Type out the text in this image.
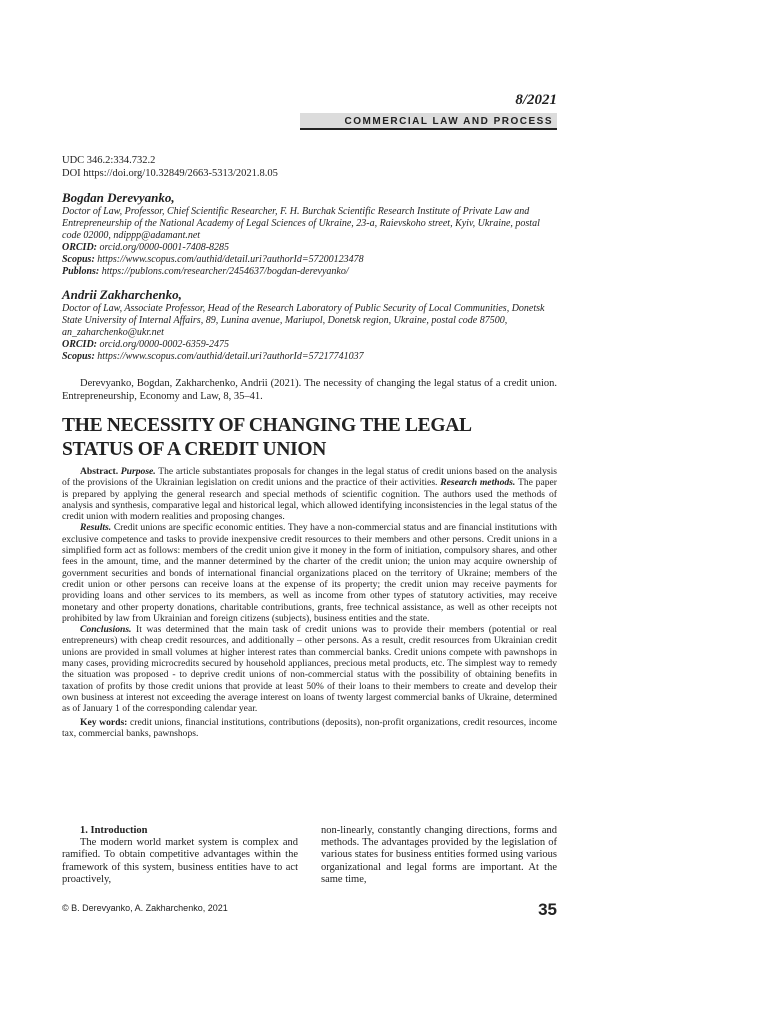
8/2021
COMMERCIAL LAW AND PROCESS
UDC 346.2:334.732.2
DOI https://doi.org/10.32849/2663-5313/2021.8.05
Bogdan Derevyanko,
Doctor of Law, Professor, Chief Scientific Researcher, F. H. Burchak Scientific Research Institute of Private Law and Entrepreneurship of the National Academy of Legal Sciences of Ukraine, 23-a, Raievskoho street, Kyiv, Ukraine, postal code 02000, ndippp@adamant.net
ORCID: orcid.org/0000-0001-7408-8285
Scopus: https://www.scopus.com/authid/detail.uri?authorId=57200123478
Publons: https://publons.com/researcher/2454637/bogdan-derevyanko/
Andrii Zakharchenko,
Doctor of Law, Associate Professor, Head of the Research Laboratory of Public Security of Local Communities, Donetsk State University of Internal Affairs, 89, Lunina avenue, Mariupol, Donetsk region, Ukraine, postal code 87500, an_zaharchenko@ukr.net
ORCID: orcid.org/0000-0002-6359-2475
Scopus: https://www.scopus.com/authid/detail.uri?authorId=57217741037
Derevyanko, Bogdan, Zakharchenko, Andrii (2021). The necessity of changing the legal status of a credit union. Entrepreneurship, Economy and Law, 8, 35–41.
THE NECESSITY OF CHANGING THE LEGAL
STATUS OF A CREDIT UNION

Abstract. Purpose. The article substantiates proposals for changes in the legal status of credit unions based on the analysis of the provisions of the Ukrainian legislation on credit unions and the practice of their activities. Research methods. The paper is prepared by applying the general research and special methods of scientific cognition. The authors used the methods of analysis and synthesis, comparative legal and historical legal, which allowed identifying inconsistencies in the legal status of the credit union with modern realities and proposing changes.

Results. Credit unions are specific economic entities. They have a non-commercial status and are financial institutions with exclusive competence and tasks to provide inexpensive credit resources to their members and other persons. Credit unions in a simplified form act as follows: members of the credit union give it money in the form of initiation, compulsory shares, and other fees in the amount, time, and the manner determined by the charter of the credit union; the union may acquire ownership of government securities and bonds of international financial organizations placed on the territory of Ukraine; members of the credit union or other persons can receive loans at the expense of its property; the credit union may receive payments for providing loans and other services to its members, as well as income from other types of statutory activities, may receive monetary and other property donations, charitable contributions, grants, free technical assistance, as well as other receipts not prohibited by law from Ukrainian and foreign citizens (subjects), business entities and the state.

Conclusions. It was determined that the main task of credit unions was to provide their members (potential or real entrepreneurs) with cheap credit resources, and additionally – other persons. As a result, credit resources from Ukrainian credit unions are provided in small volumes at higher interest rates than commercial banks. Credit unions compete with pawnshops in many cases, providing microcredits secured by household appliances, precious metal products, etc. The simplest way to remedy the situation was proposed - to deprive credit unions of non-commercial status with the possibility of obtaining benefits in taxation of profits by those credit unions that provide at least 50% of their loans to their members to create and develop their own business at interest not exceeding the average interest on loans of twenty largest commercial banks of Ukraine, determined as of January 1 of the corresponding calendar year.

Key words: credit unions, financial institutions, contributions (deposits), non-profit organizations, credit resources, income tax, commercial banks, pawnshops.

1. Introduction

The modern world market system is complex and ramified. To obtain competitive advantages within the framework of this system, business entities have to act proactively,

non-linearly, constantly changing directions, forms and methods. The advantages provided by the legislation of various states for business entities formed using various organizational and legal forms are important. At the same time,

© B. Derevyanko, A. Zakharchenko, 2021	35
